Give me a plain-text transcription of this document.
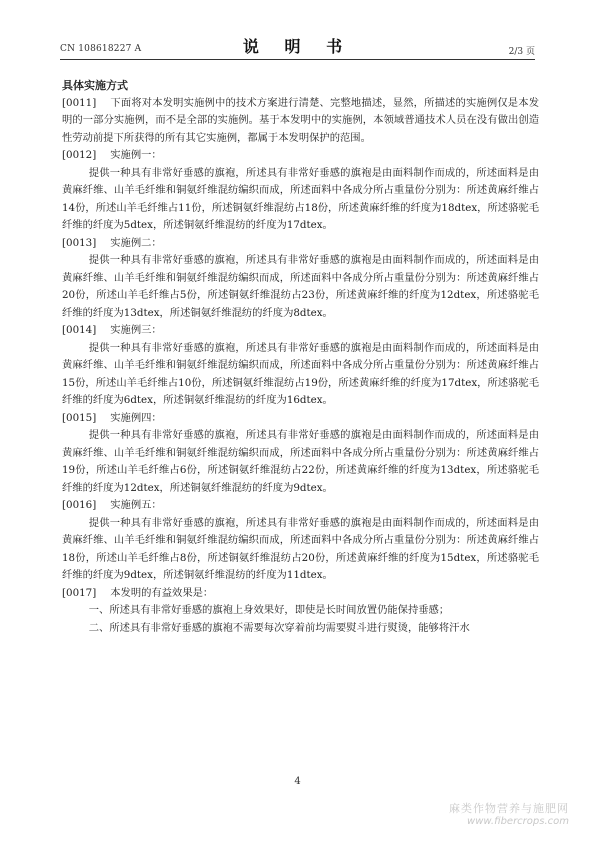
CN 108618227 A	说 明 书	2/3 页
具体实施方式

[0011] 下面将对本发明实施例中的技术方案进行清楚、完整地描述，显然，所描述的实施例仅是本发明的一部分实施例，而不是全部的实施例。基于本发明中的实施例，本领域普通技术人员在没有做出创造性劳动前提下所获得的所有其它实施例，都属于本发明保护的范围。

[0012] 实施例一：

提供一种具有非常好垂感的旗袍，所述具有非常好垂感的旗袍是由面料制作而成的，所述面料是由黄麻纤维、山羊毛纤维和铜氨纤维混纺编织而成，所述面料中各成分所占重量份分别为：所述黄麻纤维占14份，所述山羊毛纤维占11份，所述铜氨纤维混纺占18份，所述黄麻纤维的纤度为18dtex，所述骆驼毛纤维的纤度为5dtex，所述铜氨纤维混纺的纤度为17dtex。

[0013] 实施例二：

提供一种具有非常好垂感的旗袍，所述具有非常好垂感的旗袍是由面料制作而成的，所述面料是由黄麻纤维、山羊毛纤维和铜氨纤维混纺编织而成，所述面料中各成分所占重量份分别为：所述黄麻纤维占20份，所述山羊毛纤维占5份，所述铜氨纤维混纺占23份，所述黄麻纤维的纤度为12dtex，所述骆驼毛纤维的纤度为13dtex，所述铜氨纤维混纺的纤度为8dtex。

[0014] 实施例三：

提供一种具有非常好垂感的旗袍，所述具有非常好垂感的旗袍是由面料制作而成的，所述面料是由黄麻纤维、山羊毛纤维和铜氨纤维混纺编织而成，所述面料中各成分所占重量份分别为：所述黄麻纤维占15份，所述山羊毛纤维占10份，所述铜氨纤维混纺占19份，所述黄麻纤维的纤度为17dtex，所述骆驼毛纤维的纤度为6dtex，所述铜氨纤维混纺的纤度为16dtex。

[0015] 实施例四：

提供一种具有非常好垂感的旗袍，所述具有非常好垂感的旗袍是由面料制作而成的，所述面料是由黄麻纤维、山羊毛纤维和铜氨纤维混纺编织而成，所述面料中各成分所占重量份分别为：所述黄麻纤维占19份，所述山羊毛纤维占6份，所述铜氨纤维混纺占22份，所述黄麻纤维的纤度为13dtex，所述骆驼毛纤维的纤度为12dtex，所述铜氨纤维混纺的纤度为9dtex。

[0016] 实施例五：

提供一种具有非常好垂感的旗袍，所述具有非常好垂感的旗袍是由面料制作而成的，所述面料是由黄麻纤维、山羊毛纤维和铜氨纤维混纺编织而成，所述面料中各成分所占重量份分别为：所述黄麻纤维占18份，所述山羊毛纤维占8份，所述铜氨纤维混纺占20份，所述黄麻纤维的纤度为15dtex，所述骆驼毛纤维的纤度为9dtex，所述铜氨纤维混纺的纤度为11dtex。

[0017] 本发明的有益效果是：

一、所述具有非常好垂感的旗袍上身效果好，即使是长时间放置仍能保持垂感；

二、所述具有非常好垂感的旗袍不需要每次穿着前均需要熨斗进行熨烫，能够将汗水

4
麻类作物营养与施肥网
www.fibercrops.com
